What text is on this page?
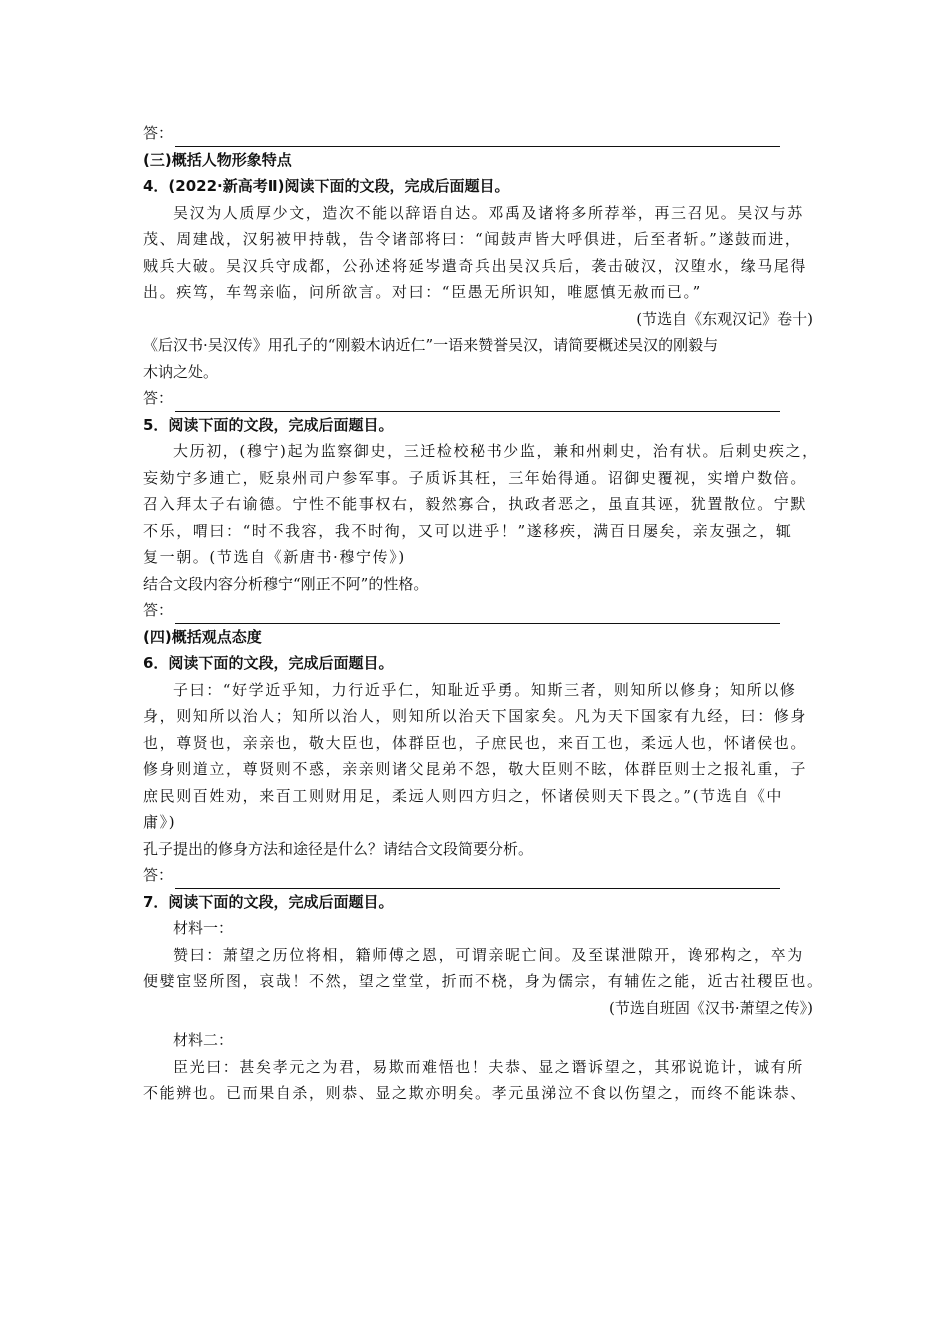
答：
(三)概括人物形象特点
4．(2022·新高考Ⅱ)阅读下面的文段，完成后面题目。
吴汉为人质厚少文，造次不能以辞语自达。邓禹及诸将多所荐举，再三召见。吴汉与苏
茂、周建战，汉躬被甲持戟，告令诸部将曰：“闻鼓声皆大呼俱进，后至者斩。”遂鼓而进，
贼兵大破。吴汉兵守成都，公孙述将延岑遣奇兵出吴汉兵后，袭击破汉，汉堕水，缘马尾得
出。疾笃，车驾亲临，问所欲言。对曰：“臣愚无所识知，唯愿慎无赦而已。”
(节选自《东观汉记》卷十)
《后汉书·吴汉传》用孔子的“刚毅木讷近仁”一语来赞誉吴汉，请简要概述吴汉的刚毅与
木讷之处。
答：
5．阅读下面的文段，完成后面题目。
大历初，(穆宁)起为监察御史，三迁检校秘书少监，兼和州刺史，治有状。后刺史疾之，
妄劾宁多逋亡，贬泉州司户参军事。子质诉其枉，三年始得通。诏御史覆视，实增户数倍。
召入拜太子右谕德。宁性不能事权右，毅然寡合，执政者恶之，虽直其诬，犹置散位。宁默
不乐，喟曰：“时不我容，我不时徇，又可以进乎！”遂移疾，满百日屡矣，亲友强之，辄
复一朝。(节选自《新唐书·穆宁传》)
结合文段内容分析穆宁“刚正不阿”的性格。
答：
(四)概括观点态度
6．阅读下面的文段，完成后面题目。
子曰：“好学近乎知，力行近乎仁，知耻近乎勇。知斯三者，则知所以修身；知所以修
身，则知所以治人；知所以治人，则知所以治天下国家矣。凡为天下国家有九经，曰：修身
也，尊贤也，亲亲也，敬大臣也，体群臣也，子庶民也，来百工也，柔远人也，怀诸侯也。
修身则道立，尊贤则不惑，亲亲则诸父昆弟不怨，敬大臣则不眩，体群臣则士之报礼重，子
庶民则百姓劝，来百工则财用足，柔远人则四方归之，怀诸侯则天下畏之。”(节选自《中
庸》)
孔子提出的修身方法和途径是什么？请结合文段简要分析。
答：
7．阅读下面的文段，完成后面题目。
材料一：
赞曰：萧望之历位将相，籍师傅之恩，可谓亲昵亡间。及至谋泄隙开，谗邪构之，卒为
便嬖宦竖所图，哀哉！不然，望之堂堂，折而不桡，身为儒宗，有辅佐之能，近古社稷臣也。
(节选自班固《汉书·萧望之传》)
材料二：
臣光曰：甚矣孝元之为君，易欺而难悟也！夫恭、显之谮诉望之，其邪说诡计，诚有所
不能辨也。已而果自杀，则恭、显之欺亦明矣。孝元虽涕泣不食以伤望之，而终不能诛恭、
